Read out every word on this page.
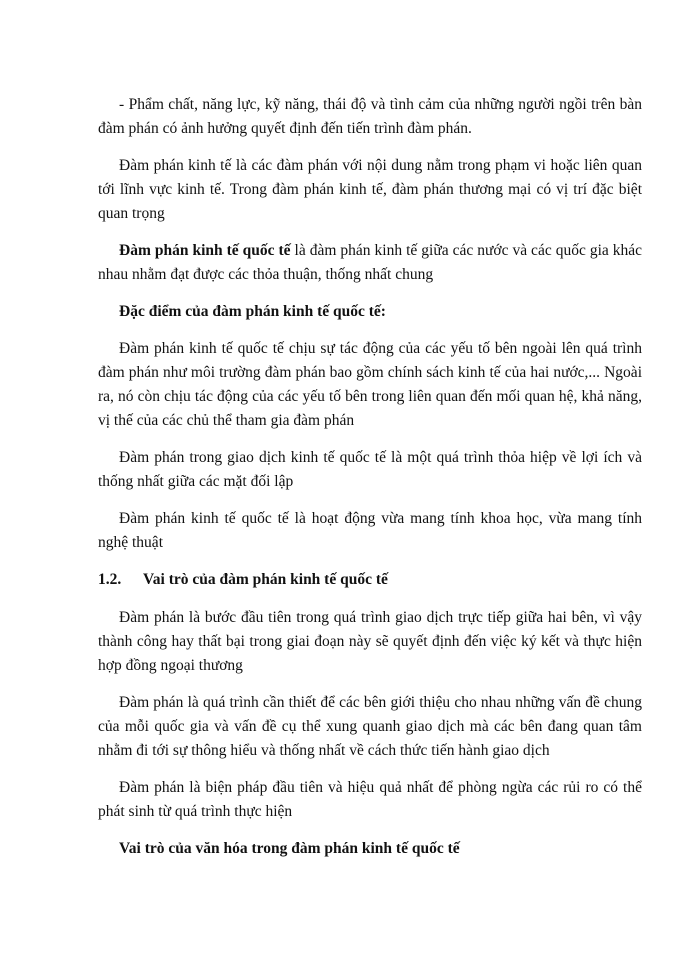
- Phẩm chất, năng lực, kỹ năng, thái độ và tình cảm của những người ngồi trên bàn đàm phán có ảnh hưởng quyết định đến tiến trình đàm phán.

Đàm phán kinh tế là các đàm phán với nội dung nằm trong phạm vi hoặc liên quan tới lĩnh vực kinh tế. Trong đàm phán kinh tế, đàm phán thương mại có vị trí đặc biệt quan trọng

Đàm phán kinh tế quốc tế là đàm phán kinh tế giữa các nước và các quốc gia khác nhau nhằm đạt được các thỏa thuận, thống nhất chung

Đặc điểm của đàm phán kinh tế quốc tế:

Đàm phán kinh tế quốc tế chịu sự tác động của các yếu tố bên ngoài lên quá trình đàm phán như môi trường đàm phán bao gồm chính sách kinh tế của hai nước,... Ngoài ra, nó còn chịu tác động của các yếu tố bên trong liên quan đến mối quan hệ, khả năng, vị thế của các chủ thể tham gia đàm phán

Đàm phán trong giao dịch kinh tế quốc tế là một quá trình thỏa hiệp về lợi ích và thống nhất giữa các mặt đối lập

Đàm phán kinh tế quốc tế là hoạt động vừa mang tính khoa học, vừa mang tính nghệ thuật

1.2.	Vai trò của đàm phán kinh tế quốc tế

Đàm phán là bước đầu tiên trong quá trình giao dịch trực tiếp giữa hai bên, vì vậy thành công hay thất bại trong giai đoạn này sẽ quyết định đến việc ký kết và thực hiện hợp đồng ngoại thương

Đàm phán là quá trình cần thiết để các bên giới thiệu cho nhau những vấn đề chung của mỗi quốc gia và vấn đề cụ thể xung quanh giao dịch mà các bên đang quan tâm nhằm đi tới sự thông hiểu và thống nhất về cách thức tiến hành giao dịch

Đàm phán là biện pháp đầu tiên và hiệu quả nhất để phòng ngừa các rủi ro có thể phát sinh từ quá trình thực hiện

Vai trò của văn hóa trong đàm phán kinh tế quốc tế
